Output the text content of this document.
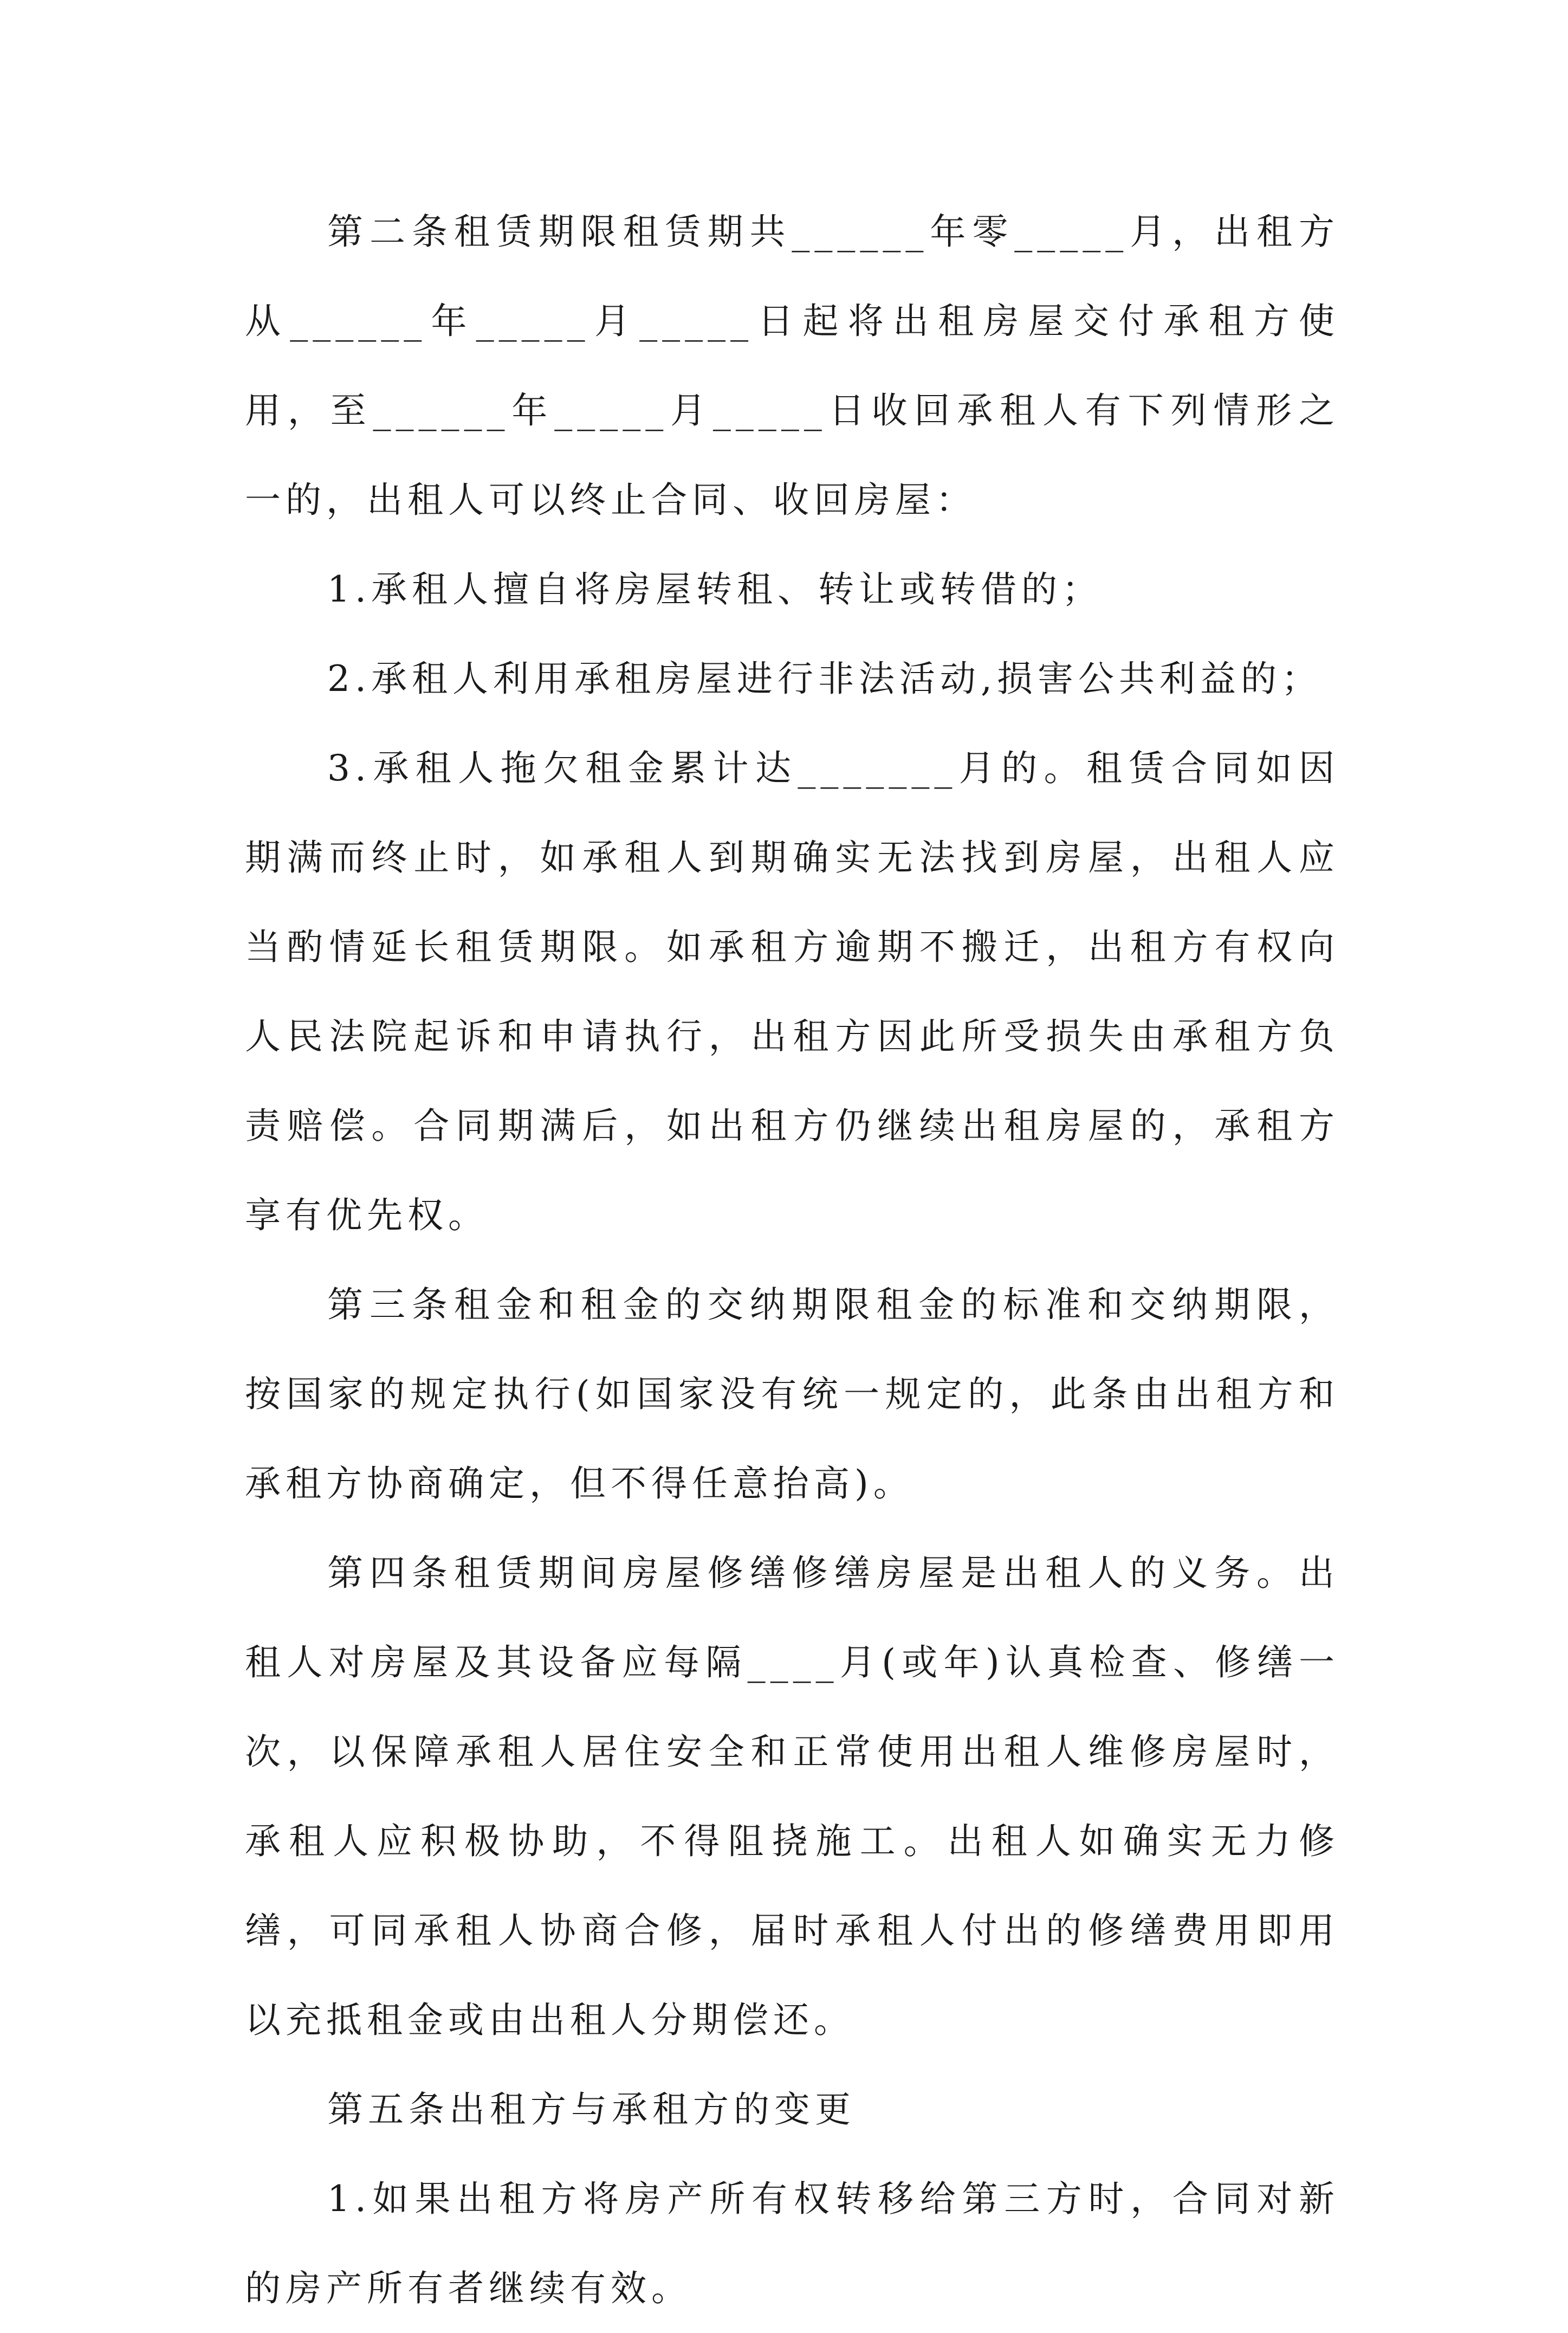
第二条租赁期限租赁期共______年零_____月，出租方从______年_____月_____日起将出租房屋交付承租方使用，至______年_____月_____日收回承租人有下列情形之一的，出租人可以终止合同、收回房屋：

1.承租人擅自将房屋转租、转让或转借的；

2.承租人利用承租房屋进行非法活动,损害公共利益的；

3.承租人拖欠租金累计达_______月的。租赁合同如因期满而终止时，如承租人到期确实无法找到房屋，出租人应当酌情延长租赁期限。如承租方逾期不搬迁，出租方有权向人民法院起诉和申请执行，出租方因此所受损失由承租方负责赔偿。合同期满后，如出租方仍继续出租房屋的，承租方享有优先权。

第三条租金和租金的交纳期限租金的标准和交纳期限，按国家的规定执行(如国家没有统一规定的，此条由出租方和承租方协商确定，但不得任意抬高)。

第四条租赁期间房屋修缮修缮房屋是出租人的义务。出租人对房屋及其设备应每隔____月(或年)认真检查、修缮一次，以保障承租人居住安全和正常使用出租人维修房屋时，承租人应积极协助，不得阻挠施工。出租人如确实无力修缮，可同承租人协商合修，届时承租人付出的修缮费用即用以充抵租金或由出租人分期偿还。

第五条出租方与承租方的变更

1.如果出租方将房产所有权转移给第三方时，合同对新的房产所有者继续有效。
